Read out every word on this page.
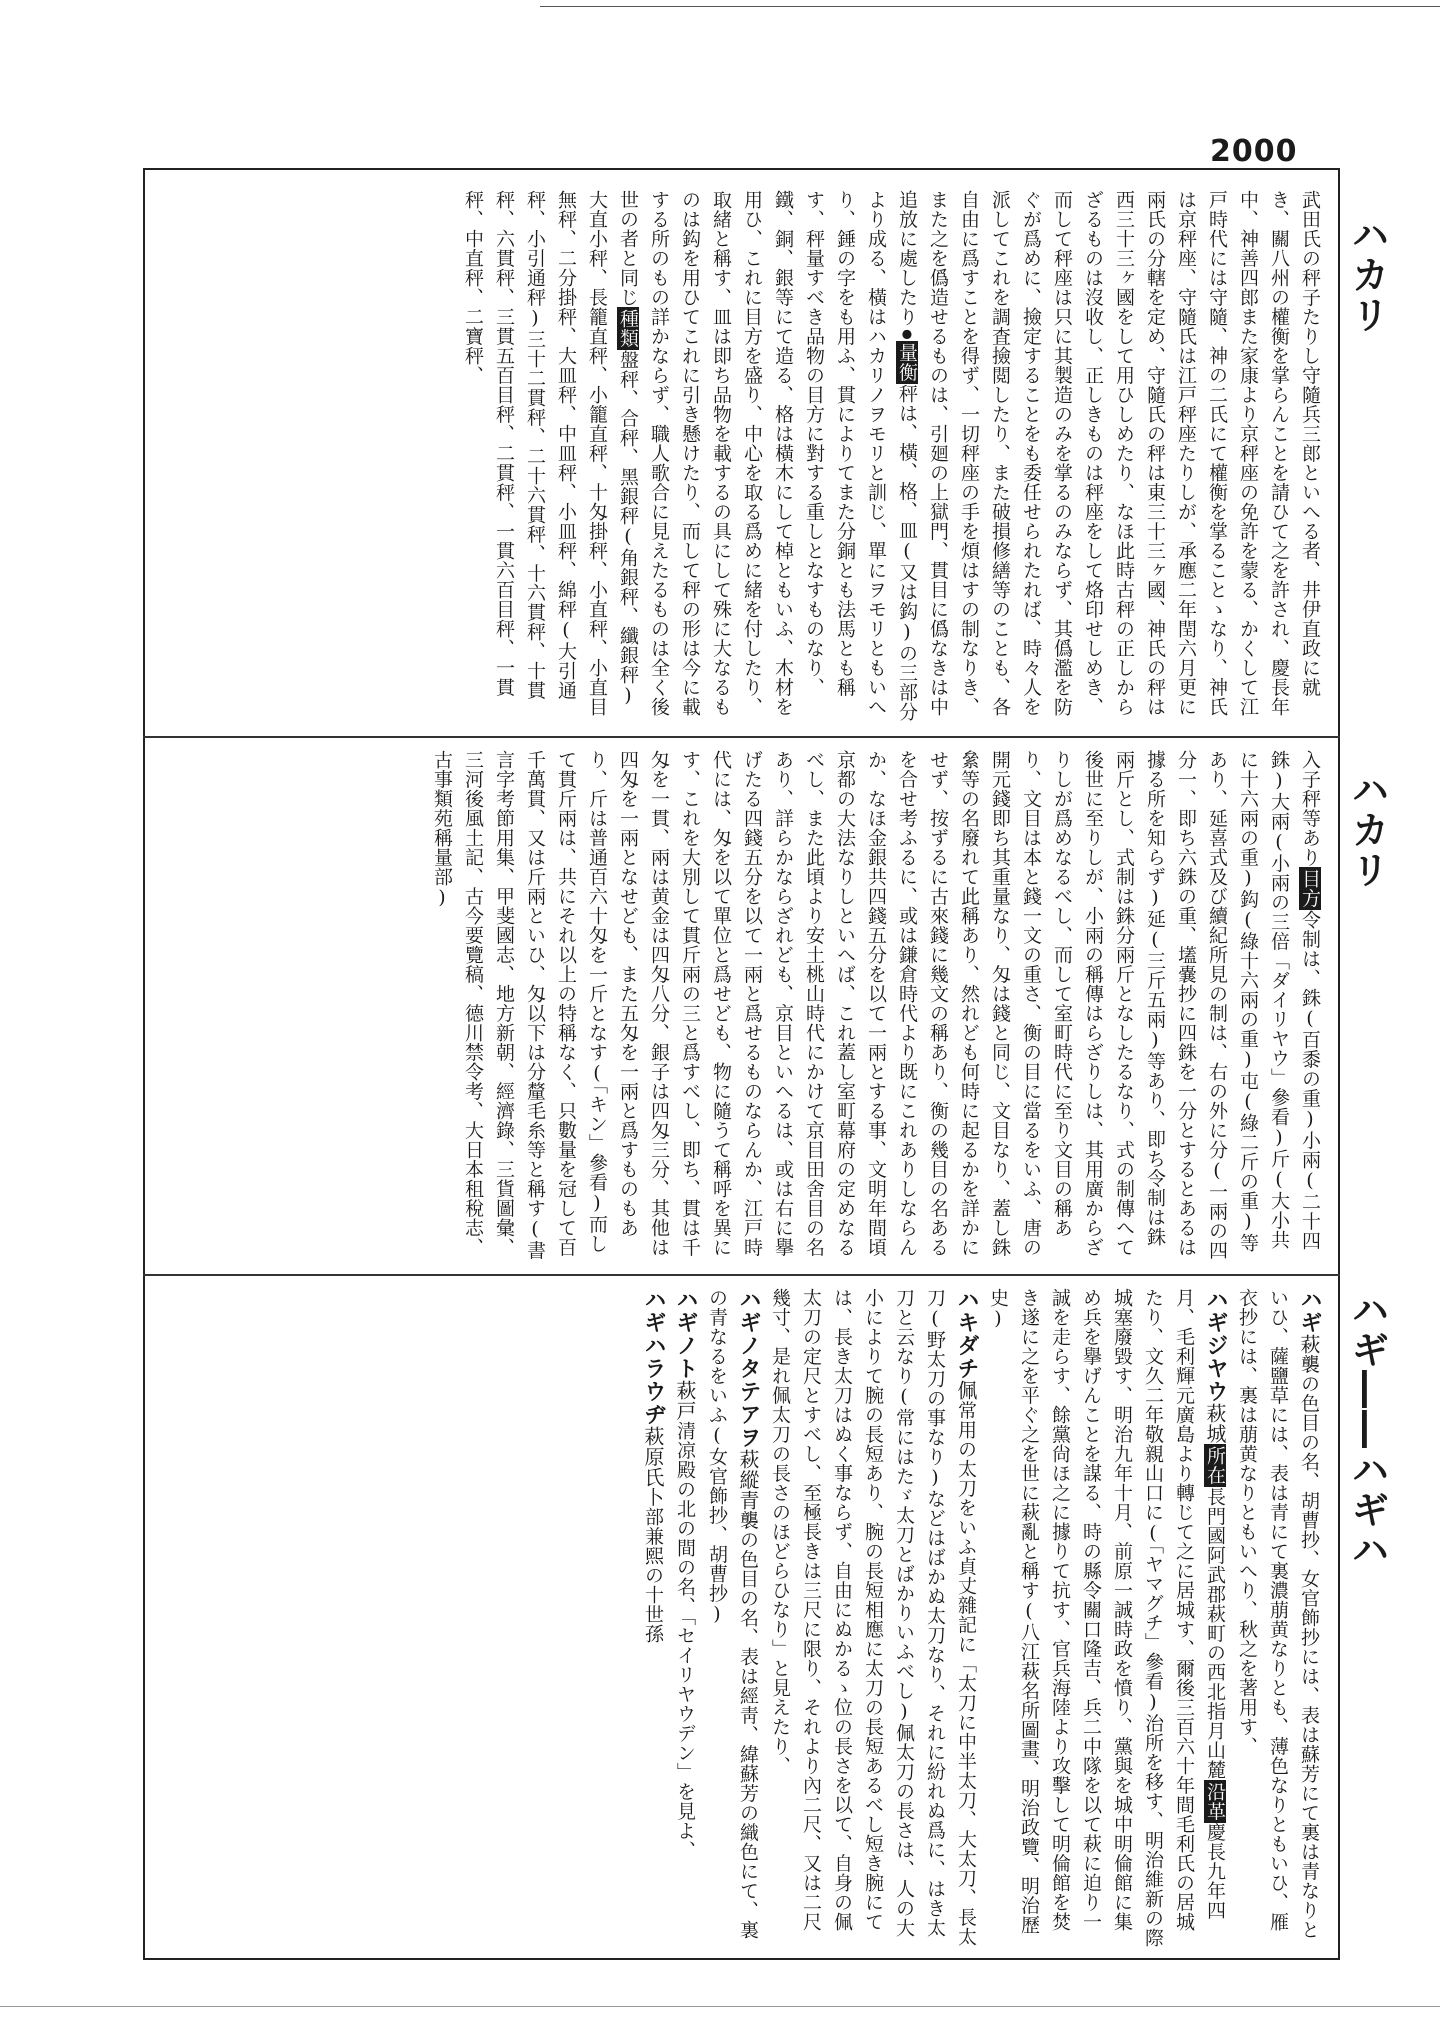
2000
ハカリ
ハカリ
ハギ――ハギハ
武田氏の秤子たりし守隨兵三郎といへる者、井伊直政に就き、關八州の權衡を掌らんことを請ひて之を許され、慶長年中、神善四郎また家康より京秤座の免許を蒙る、かくして江戸時代には守隨、神の二氏にて權衡を掌ることゝなり、神氏は京秤座、守隨氏は江戸秤座たりしが、承應二年閏六月更に兩氏の分轄を定め、守隨氏の秤は東三十三ヶ國、神氏の秤は西三十三ヶ國をして用ひしめたり、なほ此時古秤の正しからざるものは沒收し、正しきものは秤座をして烙印せしめき、而して秤座は只に其製造のみを掌るのみならず、其僞濫を防ぐが爲めに、撿定することをも委任せられたれば、時々人を派してこれを調査撿閲したり、また破損修繕等のことも、各自由に爲すことを得ず、一切秤座の手を煩はすの制なりき、また之を僞造せるものは、引廻の上獄門、貫目に僞なきは中追放に處したり●量衡秤は、橫、格、皿(又は鈎)の三部分より成る、橫はハカリノヲモリと訓じ、單にヲモリともいへり、錘の字をも用ふ、貫によりてまた分銅とも法馬とも稱す、秤量すべき品物の目方に對する重しとなすものなり、鐵、銅、銀等にて造る、格は橫木にして棹ともいふ、木材を用ひ、これに目方を盛り、中心を取る爲めに緒を付したり、取緒と稱す、皿は即ち品物を載するの具にして殊に大なるものは鈎を用ひてこれに引き懸けたり、而して秤の形は今に載する所のもの詳かならず、職人歌合に見えたるものは全く後世の者と同じ種類盤秤、合秤、黑銀秤(角銀秤、纖銀秤)大直小秤、長籠直秤、小籠直秤、十匁掛秤、小直秤、小直目無秤、二分掛秤、大皿秤、中皿秤、小皿秤、綿秤(大引通秤、小引通秤)三十二貫秤、二十六貫秤、十六貫秤、十貫秤、六貫秤、三貫五百目秤、二貫秤、一貫六百目秤、一貫秤、中直秤、二寶秤、
入子秤等あり目方令制は、銖(百黍の重)小兩(二十四銖)大兩(小兩の三倍「ダイリヤウ」參看)斤(大小共に十六兩の重)鈎(綠十六兩の重)屯(綠二斤の重)等あり、延喜式及び續紀所見の制は、右の外に分(一兩の四分一、即ち六銖の重、壒嚢抄に四銖を一分とするとあるは據る所を知らず)延(三斤五兩)等あり、即ち令制は銖兩斤とし、式制は銖分兩斤となしたるなり、式の制傳へて後世に至りしが、小兩の稱傳はらざりしは、其用廣からざりしが爲めなるべし、而して室町時代に至り文目の稱あり、文目は本と錢一文の重さ、衡の目に當るをいふ、唐の開元錢即ち其重量なり、匁は錢と同じ、文目なり、蓋し銖絫等の名廢れて此稱あり、然れども何時に起るかを詳かにせず、按ずるに古來錢に幾文の稱あり、衡の幾目の名あるを合せ考ふるに、或は鎌倉時代より既にこれありしならんか、なほ金銀共四錢五分を以て一兩とする事、文明年間頃京都の大法なりしといへば、これ蓋し室町幕府の定めなるべし、また此頃より安土桃山時代にかけて京目田舍目の名あり、詳らかならざれども、京目といへるは、或は右に擧げたる四錢五分を以て一兩と爲せるものならんか、江戸時代には、匁を以て單位と爲せども、物に隨うて稱呼を異にす、これを大別して貫斤兩の三と爲すべし、即ち、貫は千匁を一貫、兩は黄金は四匁八分、銀子は四匁三分、其他は四匁を一兩となせども、また五匁を一兩と爲すものもあり、斤は普通百六十匁を一斤となす(「キン」參看)而して貫斤兩は、共にそれ以上の特稱なく、只數量を冠して百千萬貫、又は斤兩といひ、匁以下は分釐毛糸等と稱す(書言字考節用集、甲斐國志、地方新朝、經濟錄、三貨圖彙、三河後風土記、古今要覽稿、德川禁令考、大日本租稅志、古事類苑稱量部)
ハギ萩襲の色目の名、胡曹抄、女官飾抄には、表は蘇芳にて裏は青なりといひ、薩鹽草には、表は青にて裏濃萠黄なりとも、薄色なりともいひ、雁衣抄には、裏は萠黄なりともいへり、秋之を著用す、
ハギジヤウ萩城所在長門國阿武郡萩町の西北指月山麓沿革慶長九年四月、毛利輝元廣島より轉じて之に居城す、爾後三百六十年間毛利氏の居城たり、文久二年敬親山口に(「ヤマグチ」參看)治所を移す、明治維新の際城塞廢毀す、明治九年十月、前原一誠時政を憤り、黨與を城中明倫館に集め兵を擧げんことを謀る、時の縣令關口隆吉、兵二中隊を以て萩に迫り一誠を走らす、餘黨尙ほ之に據りて抗す、官兵海陸より攻擊して明倫館を焚き遂に之を平ぐ之を世に萩亂と稱す(八江萩名所圖畫、明治政覽、明治歷史)
ハキダチ佩常用の太刀をいふ貞丈雜記に「太刀に中半太刀、大太刀、長太刀(野太刀の事なり)などはばかぬ太刀なり、それに紛れぬ爲に、はき太刀と云なり(常にはたゞ太刀とばかりいふべし)佩太刀の長さは、人の大小によりて腕の長短あり、腕の長短相應に太刀の長短あるべし短き腕にては、長き太刀はぬく事ならず、自由にぬかるゝ位の長さを以て、自身の佩太刀の定尺とすべし、至極長きは三尺に限り、それより內二尺、又は二尺幾寸、是れ佩太刀の長さのほどらひなり」と見えたり、
ハギノタテアヲ萩縱青襲の色目の名、表は經靑、緯蘇芳の織色にて、裏の青なるをいふ(女官飾抄、胡曹抄)
ハギノト萩戸清凉殿の北の間の名、「セイリヤウデン」を見よ、
ハギハラウヂ萩原氏卜部兼熙の十世孫
